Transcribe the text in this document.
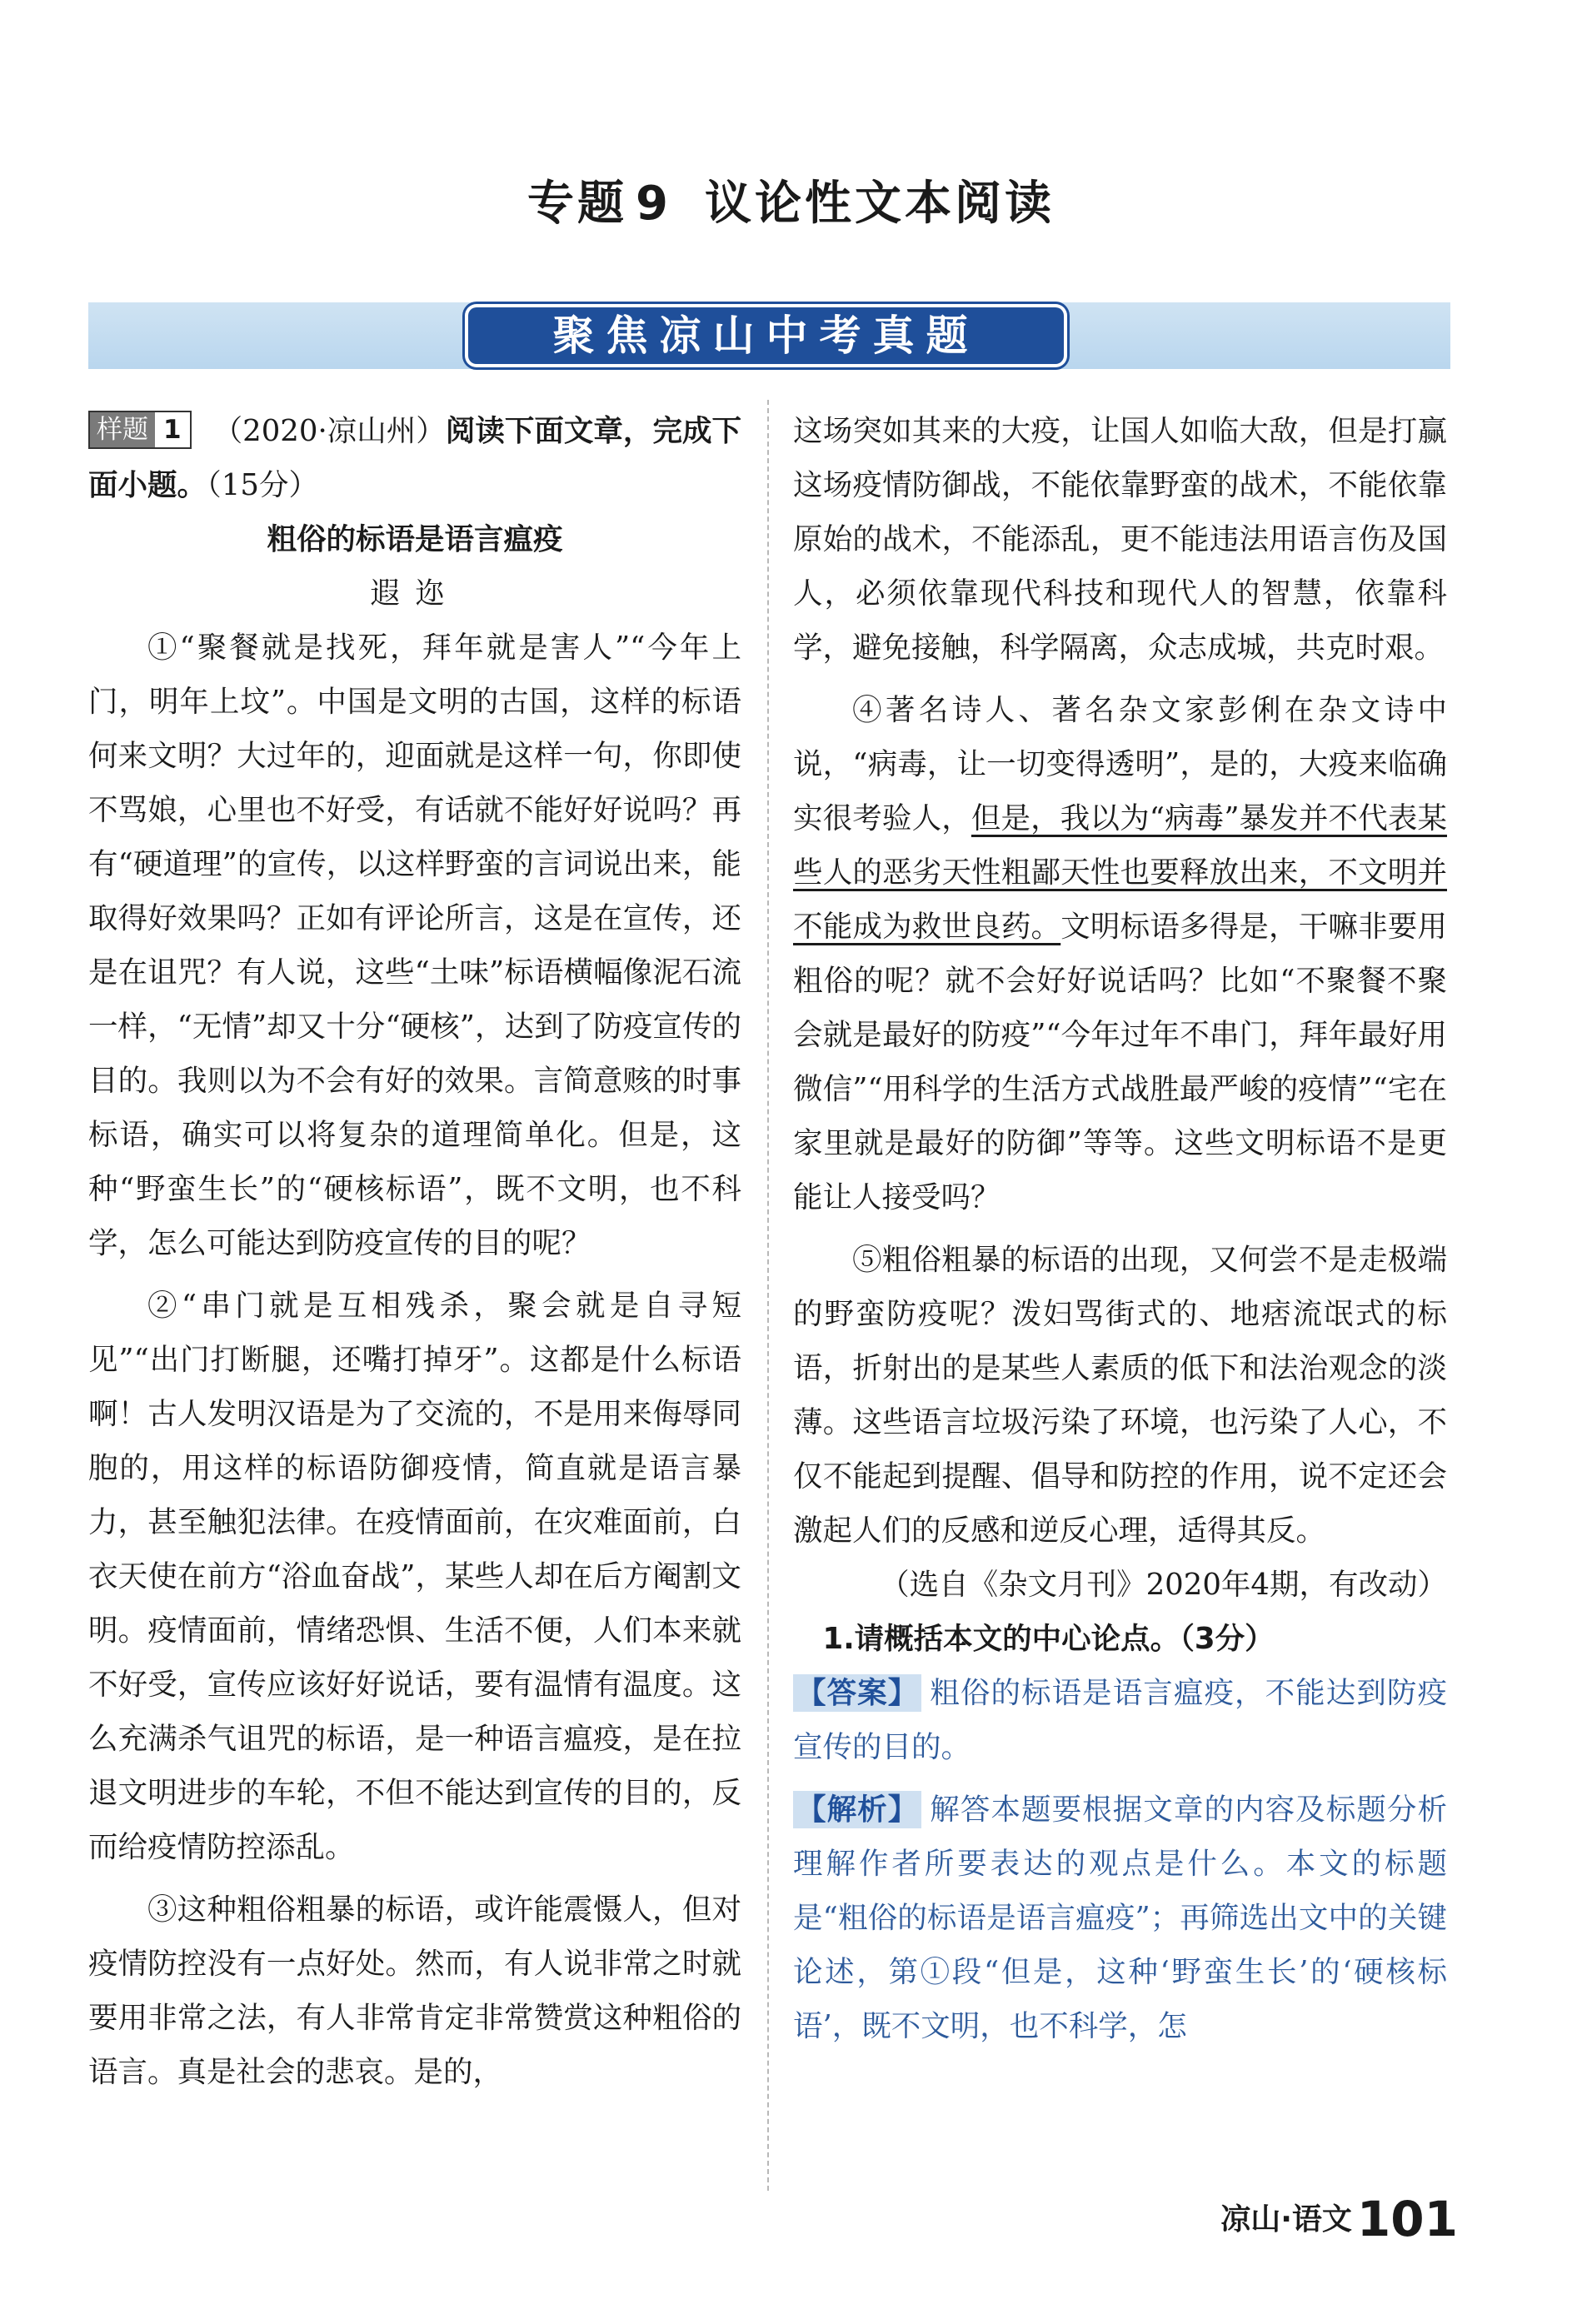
专题 9 议论性文本阅读
聚焦凉山中考真题

样题 1 （2020·凉山州）阅读下面文章，完成下面小题。（15分）

粗俗的标语是语言瘟疫

遐迩

①“聚餐就是找死，拜年就是害人”“今年上门，明年上坟”。中国是文明的古国，这样的标语何来文明？大过年的，迎面就是这样一句，你即使不骂娘，心里也不好受，有话就不能好好说吗？再有“硬道理”的宣传，以这样野蛮的言词说出来，能取得好效果吗？正如有评论所言，这是在宣传，还是在诅咒？有人说，这些“土味”标语横幅像泥石流一样，“无情”却又十分“硬核”，达到了防疫宣传的目的。我则以为不会有好的效果。言简意赅的时事标语，确实可以将复杂的道理简单化。但是，这种“野蛮生长”的“硬核标语”，既不文明，也不科学，怎么可能达到防疫宣传的目的呢？

②“串门就是互相残杀，聚会就是自寻短见”“出门打断腿，还嘴打掉牙”。这都是什么标语啊！古人发明汉语是为了交流的，不是用来侮辱同胞的，用这样的标语防御疫情，简直就是语言暴力，甚至触犯法律。在疫情面前，在灾难面前，白衣天使在前方“浴血奋战”，某些人却在后方阉割文明。疫情面前，情绪恐惧、生活不便，人们本来就不好受，宣传应该好好说话，要有温情有温度。这么充满杀气诅咒的标语，是一种语言瘟疫，是在拉退文明进步的车轮，不但不能达到宣传的目的，反而给疫情防控添乱。

③这种粗俗粗暴的标语，或许能震慑人，但对疫情防控没有一点好处。然而，有人说非常之时就要用非常之法，有人非常肯定非常赞赏这种粗俗的语言。真是社会的悲哀。是的，

这场突如其来的大疫，让国人如临大敌，但是打赢这场疫情防御战，不能依靠野蛮的战术，不能依靠原始的战术，不能添乱，更不能违法用语言伤及国人，必须依靠现代科技和现代人的智慧，依靠科学，避免接触，科学隔离，众志成城，共克时艰。

④著名诗人、著名杂文家彭俐在杂文诗中说，“病毒，让一切变得透明”，是的，大疫来临确实很考验人，但是，我以为“病毒”暴发并不代表某些人的恶劣天性粗鄙天性也要释放出来，不文明并不能成为救世良药。文明标语多得是，干嘛非要用粗俗的呢？就不会好好说话吗？比如“不聚餐不聚会就是最好的防疫”“今年过年不串门，拜年最好用微信”“用科学的生活方式战胜最严峻的疫情”“宅在家里就是最好的防御”等等。这些文明标语不是更能让人接受吗？

⑤粗俗粗暴的标语的出现，又何尝不是走极端的野蛮防疫呢？泼妇骂街式的、地痞流氓式的标语，折射出的是某些人素质的低下和法治观念的淡薄。这些语言垃圾污染了环境，也污染了人心，不仅不能起到提醒、倡导和防控的作用，说不定还会激起人们的反感和逆反心理，适得其反。

（选自《杂文月刊》2020年4期，有改动）

1.请概括本文的中心论点。（3分）

【答案】 粗俗的标语是语言瘟疫，不能达到防疫宣传的目的。

【解析】 解答本题要根据文章的内容及标题分析理解作者所要表达的观点是什么。本文的标题是“粗俗的标语是语言瘟疫”；再筛选出文中的关键论述，第①段“但是，这种‘野蛮生长’的‘硬核标语’，既不文明，也不科学，怎

凉山·语文 101
